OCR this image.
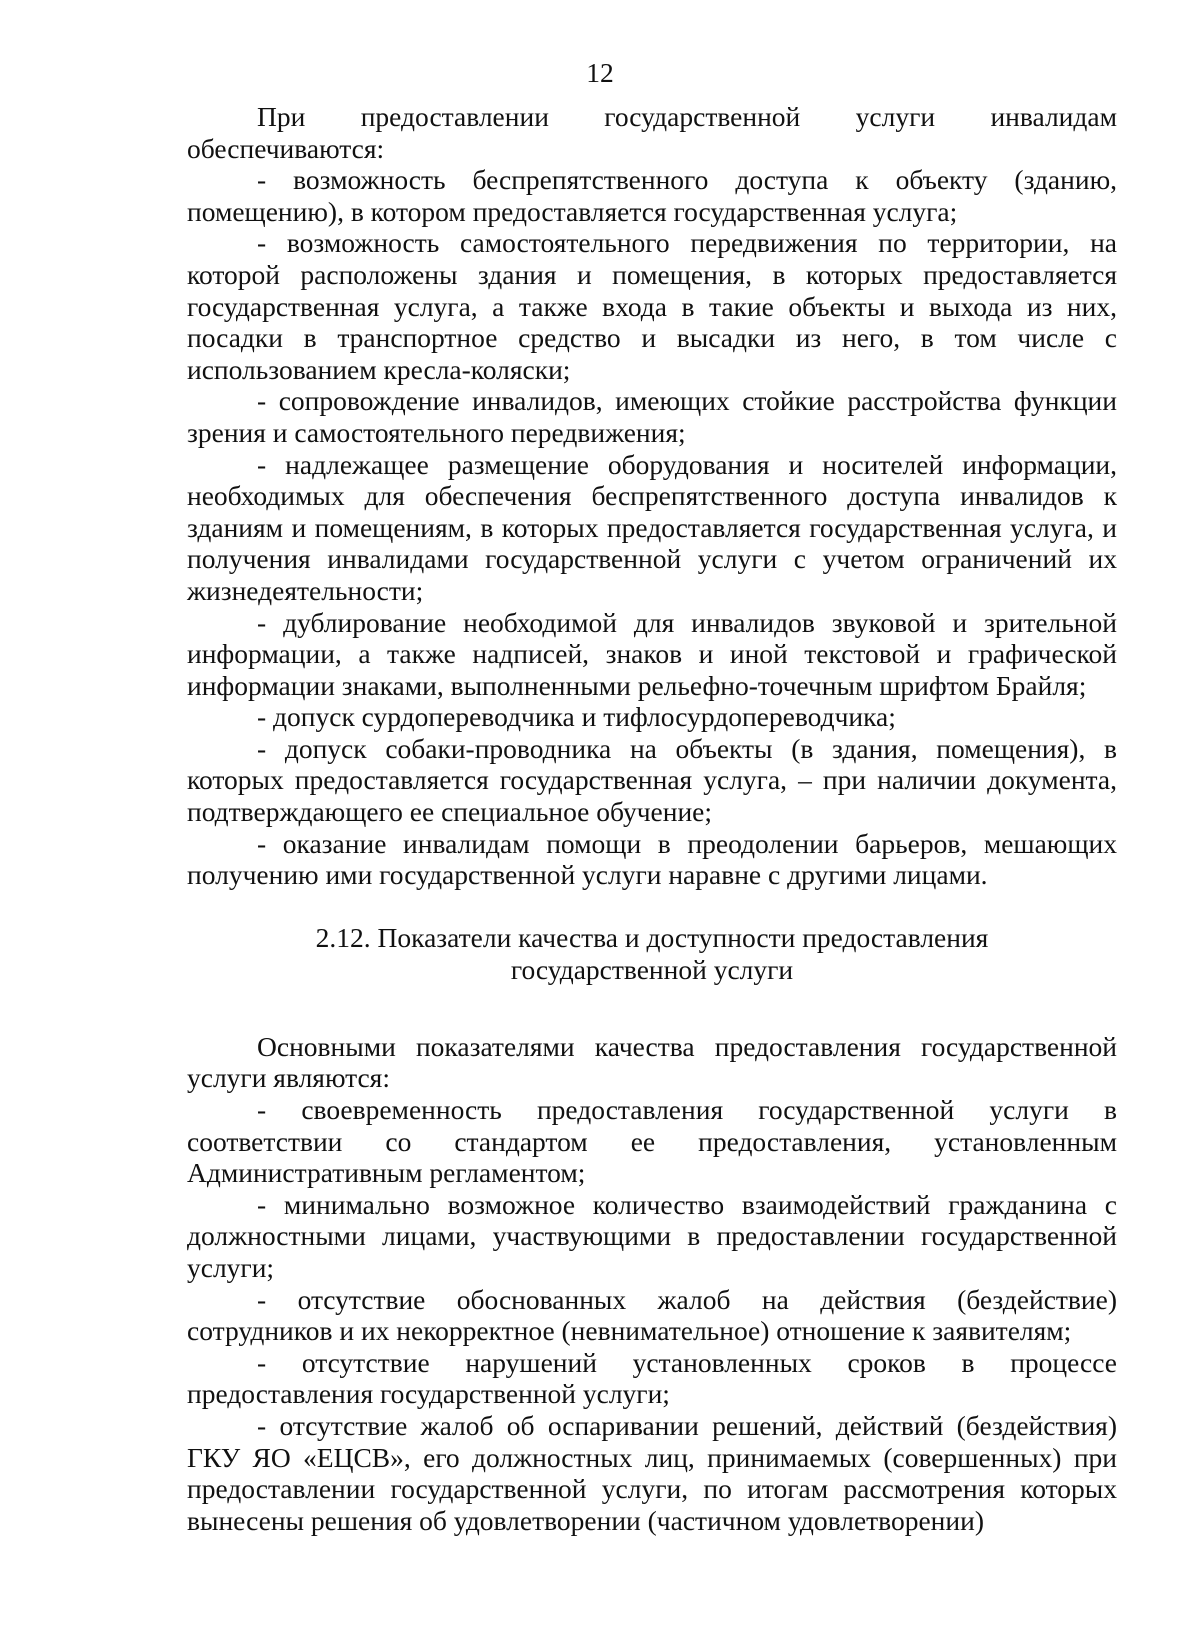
12

При предоставлении государственной услуги инвалидам обеспечиваются:

- возможность беспрепятственного доступа к объекту (зданию, помещению), в котором предоставляется государственная услуга;

- возможность самостоятельного передвижения по территории, на которой расположены здания и помещения, в которых предоставляется государственная услуга, а также входа в такие объекты и выхода из них, посадки в транспортное средство и высадки из него, в том числе с использованием кресла-коляски;

- сопровождение инвалидов, имеющих стойкие расстройства функции зрения и самостоятельного передвижения;

- надлежащее размещение оборудования и носителей информации, необходимых для обеспечения беспрепятственного доступа инвалидов к зданиям и помещениям, в которых предоставляется государственная услуга, и получения инвалидами государственной услуги с учетом ограничений их жизнедеятельности;

- дублирование необходимой для инвалидов звуковой и зрительной информации, а также надписей, знаков и иной текстовой и графической информации знаками, выполненными рельефно-точечным шрифтом Брайля;

- допуск сурдопереводчика и тифлосурдопереводчика;

- допуск собаки-проводника на объекты (в здания, помещения), в которых предоставляется государственная услуга, – при наличии документа, подтверждающего ее специальное обучение;

- оказание инвалидам помощи в преодолении барьеров, мешающих получению ими государственной услуги наравне с другими лицами.

2.12. Показатели качества и доступности предоставления
государственной услуги

Основными показателями качества предоставления государственной услуги являются:

- своевременность предоставления государственной услуги в соответствии со стандартом ее предоставления, установленным Административным регламентом;

- минимально возможное количество взаимодействий гражданина с должностными лицами, участвующими в предоставлении государственной услуги;

- отсутствие обоснованных жалоб на действия (бездействие) сотрудников и их некорректное (невнимательное) отношение к заявителям;

- отсутствие нарушений установленных сроков в процессе предоставления государственной услуги;

- отсутствие жалоб об оспаривании решений, действий (бездействия) ГКУ ЯО «ЕЦСВ», его должностных лиц, принимаемых (совершенных) при предоставлении государственной услуги, по итогам рассмотрения которых вынесены решения об удовлетворении (частичном удовлетворении)
